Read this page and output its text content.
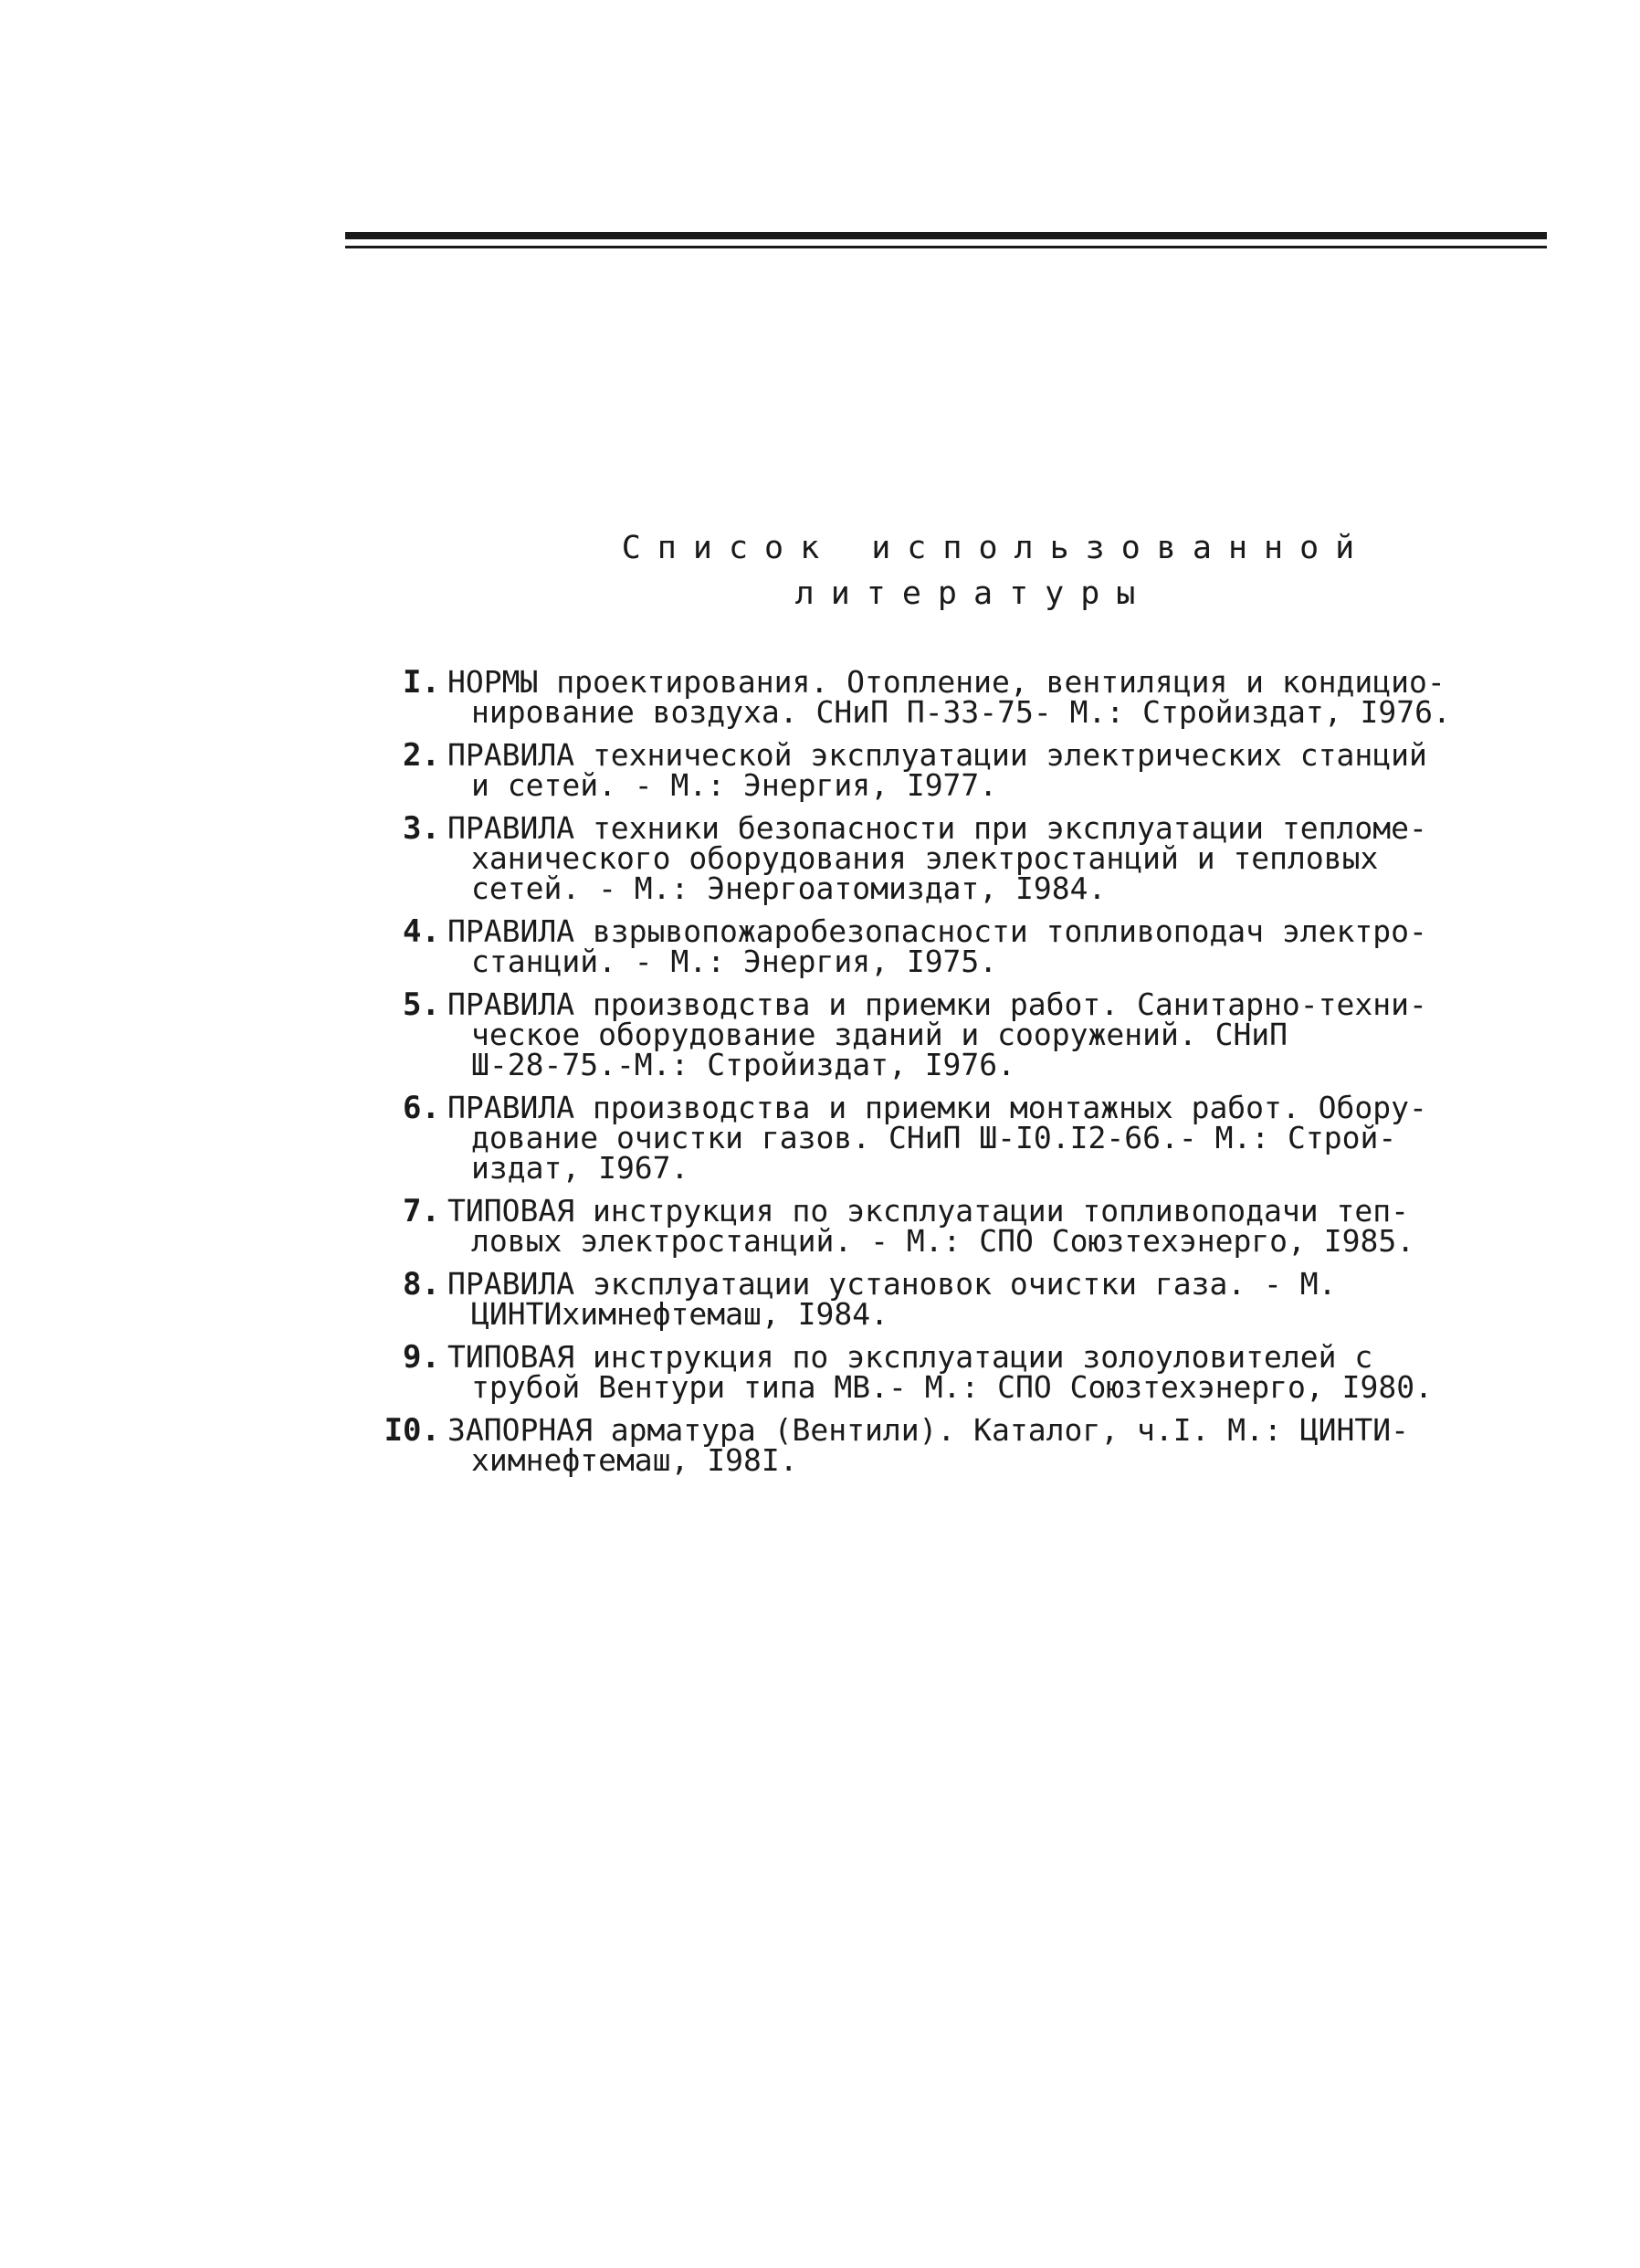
Список использованной
литературы
I. НОРМЫ проектирования. Отопление, вентиляция и кондицио-
нирование воздуха. СНиП П-33-75- М.: Стройиздат, I976.
2. ПРАВИЛА технической эксплуатации электрических станций
и сетей. - М.: Энергия, I977.
3. ПРАВИЛА техники безопасности при эксплуатации тепломе-
ханического оборудования электростанций и тепловых
сетей. - М.: Энергоатомиздат, I984.
4. ПРАВИЛА взрывопожаробезопасности топливоподач электро-
станций. - М.: Энергия, I975.
5. ПРАВИЛА производства и приемки работ. Санитарно-техни-
ческое оборудование зданий и сооружений. СНиП
Ш-28-75.-М.: Стройиздат, I976.
6. ПРАВИЛА производства и приемки монтажных работ. Обору-
дование очистки газов. СНиП Ш-I0.I2-66.- М.: Строй-
издат, I967.
7. ТИПОВАЯ инструкция по эксплуатации топливоподачи теп-
ловых электростанций. - М.: СПО Союзтехэнерго, I985.
8. ПРАВИЛА эксплуатации установок очистки газа. - М.
ЦИНТИхимнефтемаш, I984.
9. ТИПОВАЯ инструкция по эксплуатации золоуловителей с
трубой Вентури типа МВ.- М.: СПО Союзтехэнерго, I980.
I0. ЗАПОРНАЯ арматура (Вентили). Каталог, ч.I. М.: ЦИНТИ-
химнефтемаш, I98I.
